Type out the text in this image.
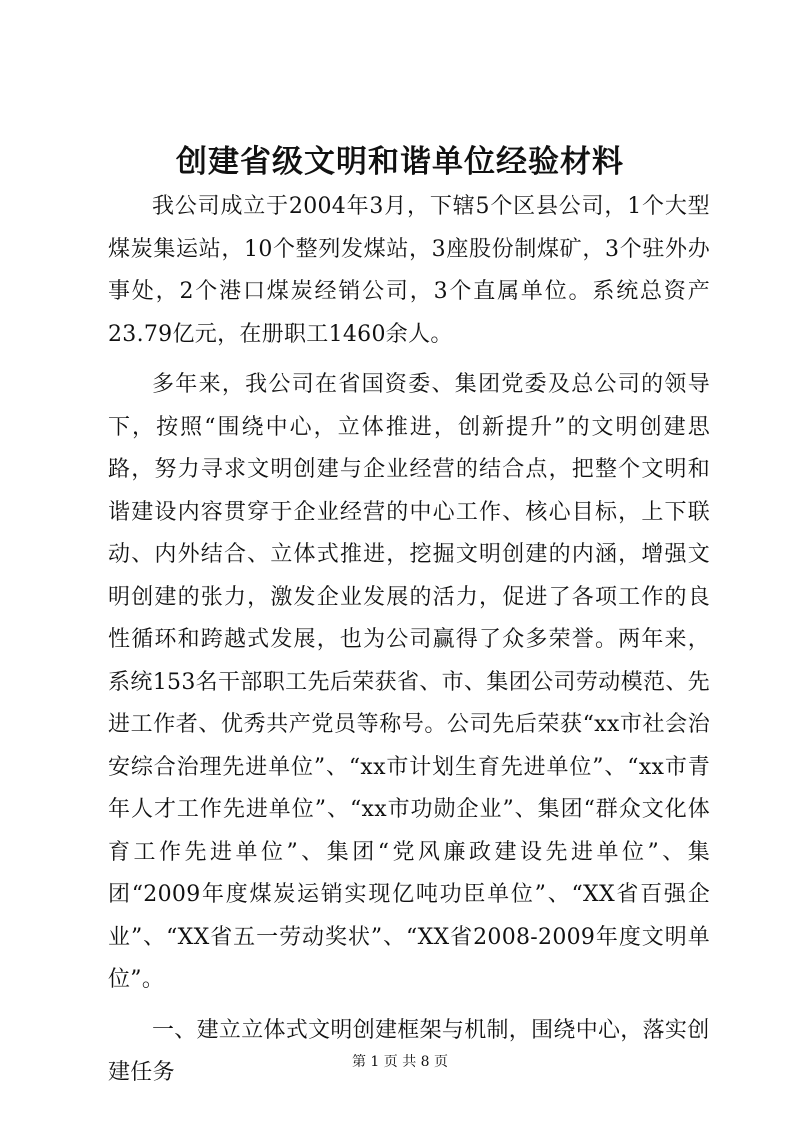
创建省级文明和谐单位经验材料

我公司成立于2004年3月，下辖5个区县公司，1个大型煤炭集运站，10个整列发煤站，3座股份制煤矿，3个驻外办事处，2个港口煤炭经销公司，3个直属单位。系统总资产23.79亿元，在册职工1460余人。

多年来，我公司在省国资委、集团党委及总公司的领导下，按照“围绕中心，立体推进，创新提升”的文明创建思路，努力寻求文明创建与企业经营的结合点，把整个文明和谐建设内容贯穿于企业经营的中心工作、核心目标，上下联动、内外结合、立体式推进，挖掘文明创建的内涵，增强文明创建的张力，激发企业发展的活力，促进了各项工作的良性循环和跨越式发展，也为公司赢得了众多荣誉。两年来，系统153名干部职工先后荣获省、市、集团公司劳动模范、先进工作者、优秀共产党员等称号。公司先后荣获“xx市社会治安综合治理先进单位”、“xx市计划生育先进单位”、“xx市青年人才工作先进单位”、“xx市功勋企业”、集团“群众文化体育工作先进单位”、集团“党风廉政建设先进单位”、集团“2009年度煤炭运销实现亿吨功臣单位”、“XX省百强企业”、“XX省五一劳动奖状”、“XX省2008-2009年度文明单位”。

一、建立立体式文明创建框架与机制，围绕中心，落实创建任务	第 1 页 共 8 页
